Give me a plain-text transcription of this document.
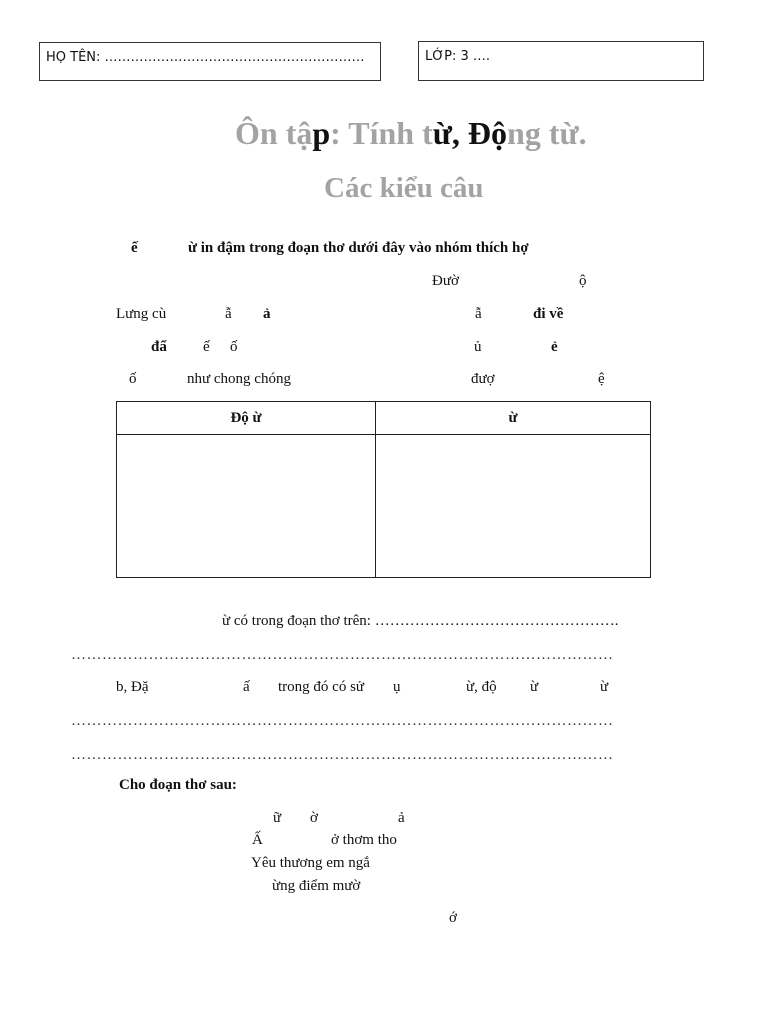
HỌ TÊN: ……………………………………………………	LỚP: 3 ….
Ôn tập: Tính từ, Động từ.
Các kiểu câu
ế	ừ in đậm trong đoạn thơ dưới đây vào nhóm thích hợ
Đườ	ộ
Lưng cù	ẫ ả	ẫ	đi về
đẩ ế ố	ủ	ẻ
ố	như chong chóng	đượ	ệ
Độ ừ	ừ

ừ có trong đoạn thơ trên: ………………………………………….
……………………………………………………………………………………………
b, Đặ	ấ trong đó có sử ụ	ừ, độ ừ	ừ
……………………………………………………………………………………………
……………………………………………………………………………………………
Cho đoạn thơ sau:
ữ ờ	ả
Ấ	ở thơm tho
Yêu thương em ngắ
ừng điểm mườ
ớ
